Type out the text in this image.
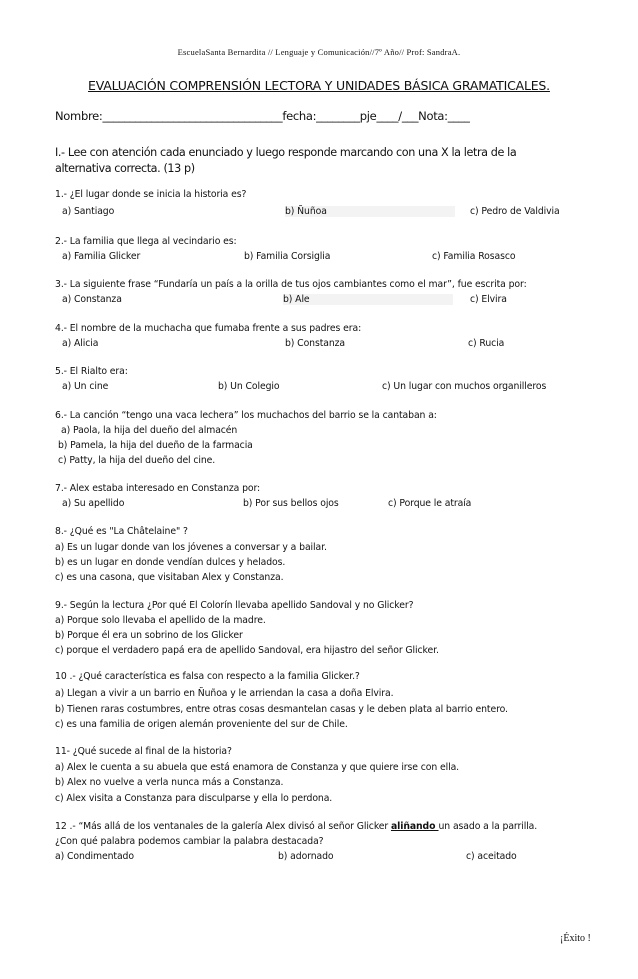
EscuelaSanta Bernardita // Lenguaje y Comunicación//7º Año// Prof: SandraA.
EVALUACIÓN COMPRENSIÓN LECTORA Y UNIDADES BÁSICA GRAMATICALES.
Nombre:_________________________________fecha:________pje____/___Nota:____
I.- Lee con atención cada enunciado y luego responde marcando con una X la letra de la alternativa correcta. (13 p)
1.- ¿El lugar donde se inicia la historia es?
a) Santiago	b) Ñuñoa	c) Pedro de Valdivia
2.- La familia que llega al vecindario es:
a) Familia Glicker	b) Familia Corsiglia	c) Familia Rosasco
3.- La siguiente frase “Fundaría un país a la orilla de tus ojos cambiantes como el mar”, fue escrita por:
a) Constanza	b) Ale	c) Elvira
4.- El nombre de la muchacha que fumaba frente a sus padres era:
a) Alicia	b) Constanza	c) Rucia
5.- El Rialto era:
a) Un cine	b) Un Colegio	c) Un lugar con muchos organilleros
6.- La canción “tengo una vaca lechera” los muchachos del barrio se la cantaban a:
a) Paola, la hija del dueño del almacén
b) Pamela, la hija del dueño de la farmacia
c) Patty, la hija del dueño del cine.
7.- Alex estaba interesado en Constanza por:
a) Su apellido	b) Por sus bellos ojos	c) Porque le atraía
8.- ¿Qué es "La Châtelaine" ?
a) Es un lugar donde van los jóvenes a conversar y a bailar.
b) es un lugar en donde vendían dulces y helados.
c) es una casona, que visitaban Alex y Constanza.
9.- Según la lectura ¿Por qué El Colorín llevaba apellido Sandoval y no Glicker?
a) Porque solo llevaba el apellido de la madre.
b) Porque él era un sobrino de los Glicker
c) porque el verdadero papá era de apellido Sandoval, era hijastro del señor Glicker.
10 .- ¿Qué característica es falsa con respecto a la familia Glicker.?
a) Llegan a vivir a un barrio en Ñuñoa y le arriendan la casa a doña Elvira.
b) Tienen raras costumbres, entre otras cosas desmantelan casas y le deben plata al barrio entero.
c) es una familia de origen alemán proveniente del sur de Chile.
11- ¿Qué sucede al final de la historia?
a) Alex le cuenta a su abuela que está enamora de Constanza y que quiere irse con ella.
b) Alex no vuelve a verla nunca más a Constanza.
c) Alex visita a Constanza para disculparse y ella lo perdona.
12 .- “Más allá de los ventanales de la galería Alex divisó al señor Glicker aliñando un asado a la parrilla.
¿Con qué palabra podemos cambiar la palabra destacada?
a) Condimentado	b) adornado	c) aceitado
¡Éxito !
